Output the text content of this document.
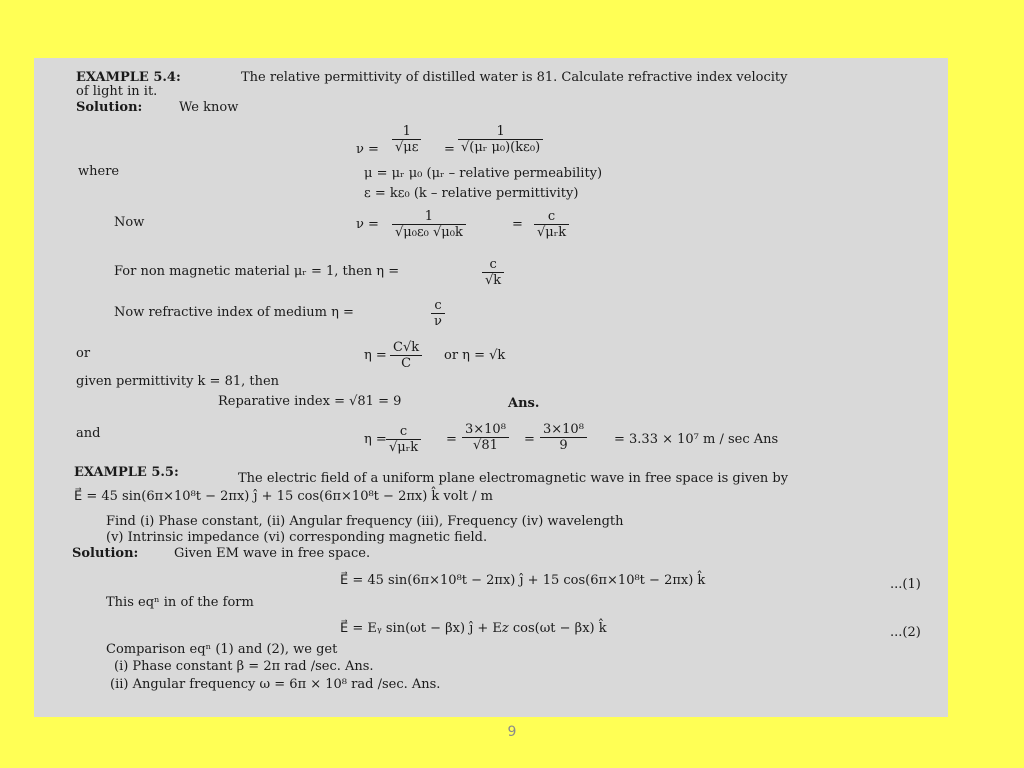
EXAMPLE 5.4:	The relative permittivity of distilled water is 81. Calculate refractive index velocity
of light in it.
Solution:	We know
$\nu = \frac{1}{√\mu\varepsilon} = \frac{1}{\text{√(μᵣ μ₀)(kε₀)}}$
where	μ = μᵣ μ₀ (μᵣ – relative permeability)
ε = kε₀ (k – relative permittivity)
Now	$\nu = \frac{1}{\text{√μ₀ε₀ √μ₀k}}$	=
c
√μᵣk
For non magnetic material μᵣ = 1, then η =	$\frac{c}{√k}$
Now refractive index of medium η =	$\frac{c}{\nu}$
or	$\eta = \frac{C√k}{C}$ or η = √k
given permittivity k = 81, then
Reparative index = √81 = 9	Ans.
and	η =
c
√μᵣk
= $\frac{\text{3×10⁸}}{√81} = \frac{\text{3×10⁸}}{9} = 3.33 \times 10^7$ m / sec Ans
EXAMPLE 5.5:	The electric field of a uniform plane electromagnetic wave in free space is given by
E⃗ = 45 sin(6π×10⁸t − 2πx) ĵ + 15 cos(6π×10⁸t − 2πx) k̂ volt / m
Find (i) Phase constant, (ii) Angular frequency (iii), Frequency (iv) wavelength
(v) Intrinsic impedance (vi) corresponding magnetic field.
Solution:	Given EM wave in free space.
E⃗ = 45 sin(6π×10⁸t − 2πx) ĵ + 15 cos(6π×10⁸t − 2πx) k̂	...(1)
This eqⁿ in of the form
E⃗ = Eᵧ sin(ωt − βx) ĵ + E𝑧 cos(ωt − βx) k̂	...(2)
Comparison eqⁿ (1) and (2), we get
(i) Phase constant β = 2π rad /sec. Ans.
(ii) Angular frequency ω = 6π × 10⁸ rad /sec. Ans.
9
